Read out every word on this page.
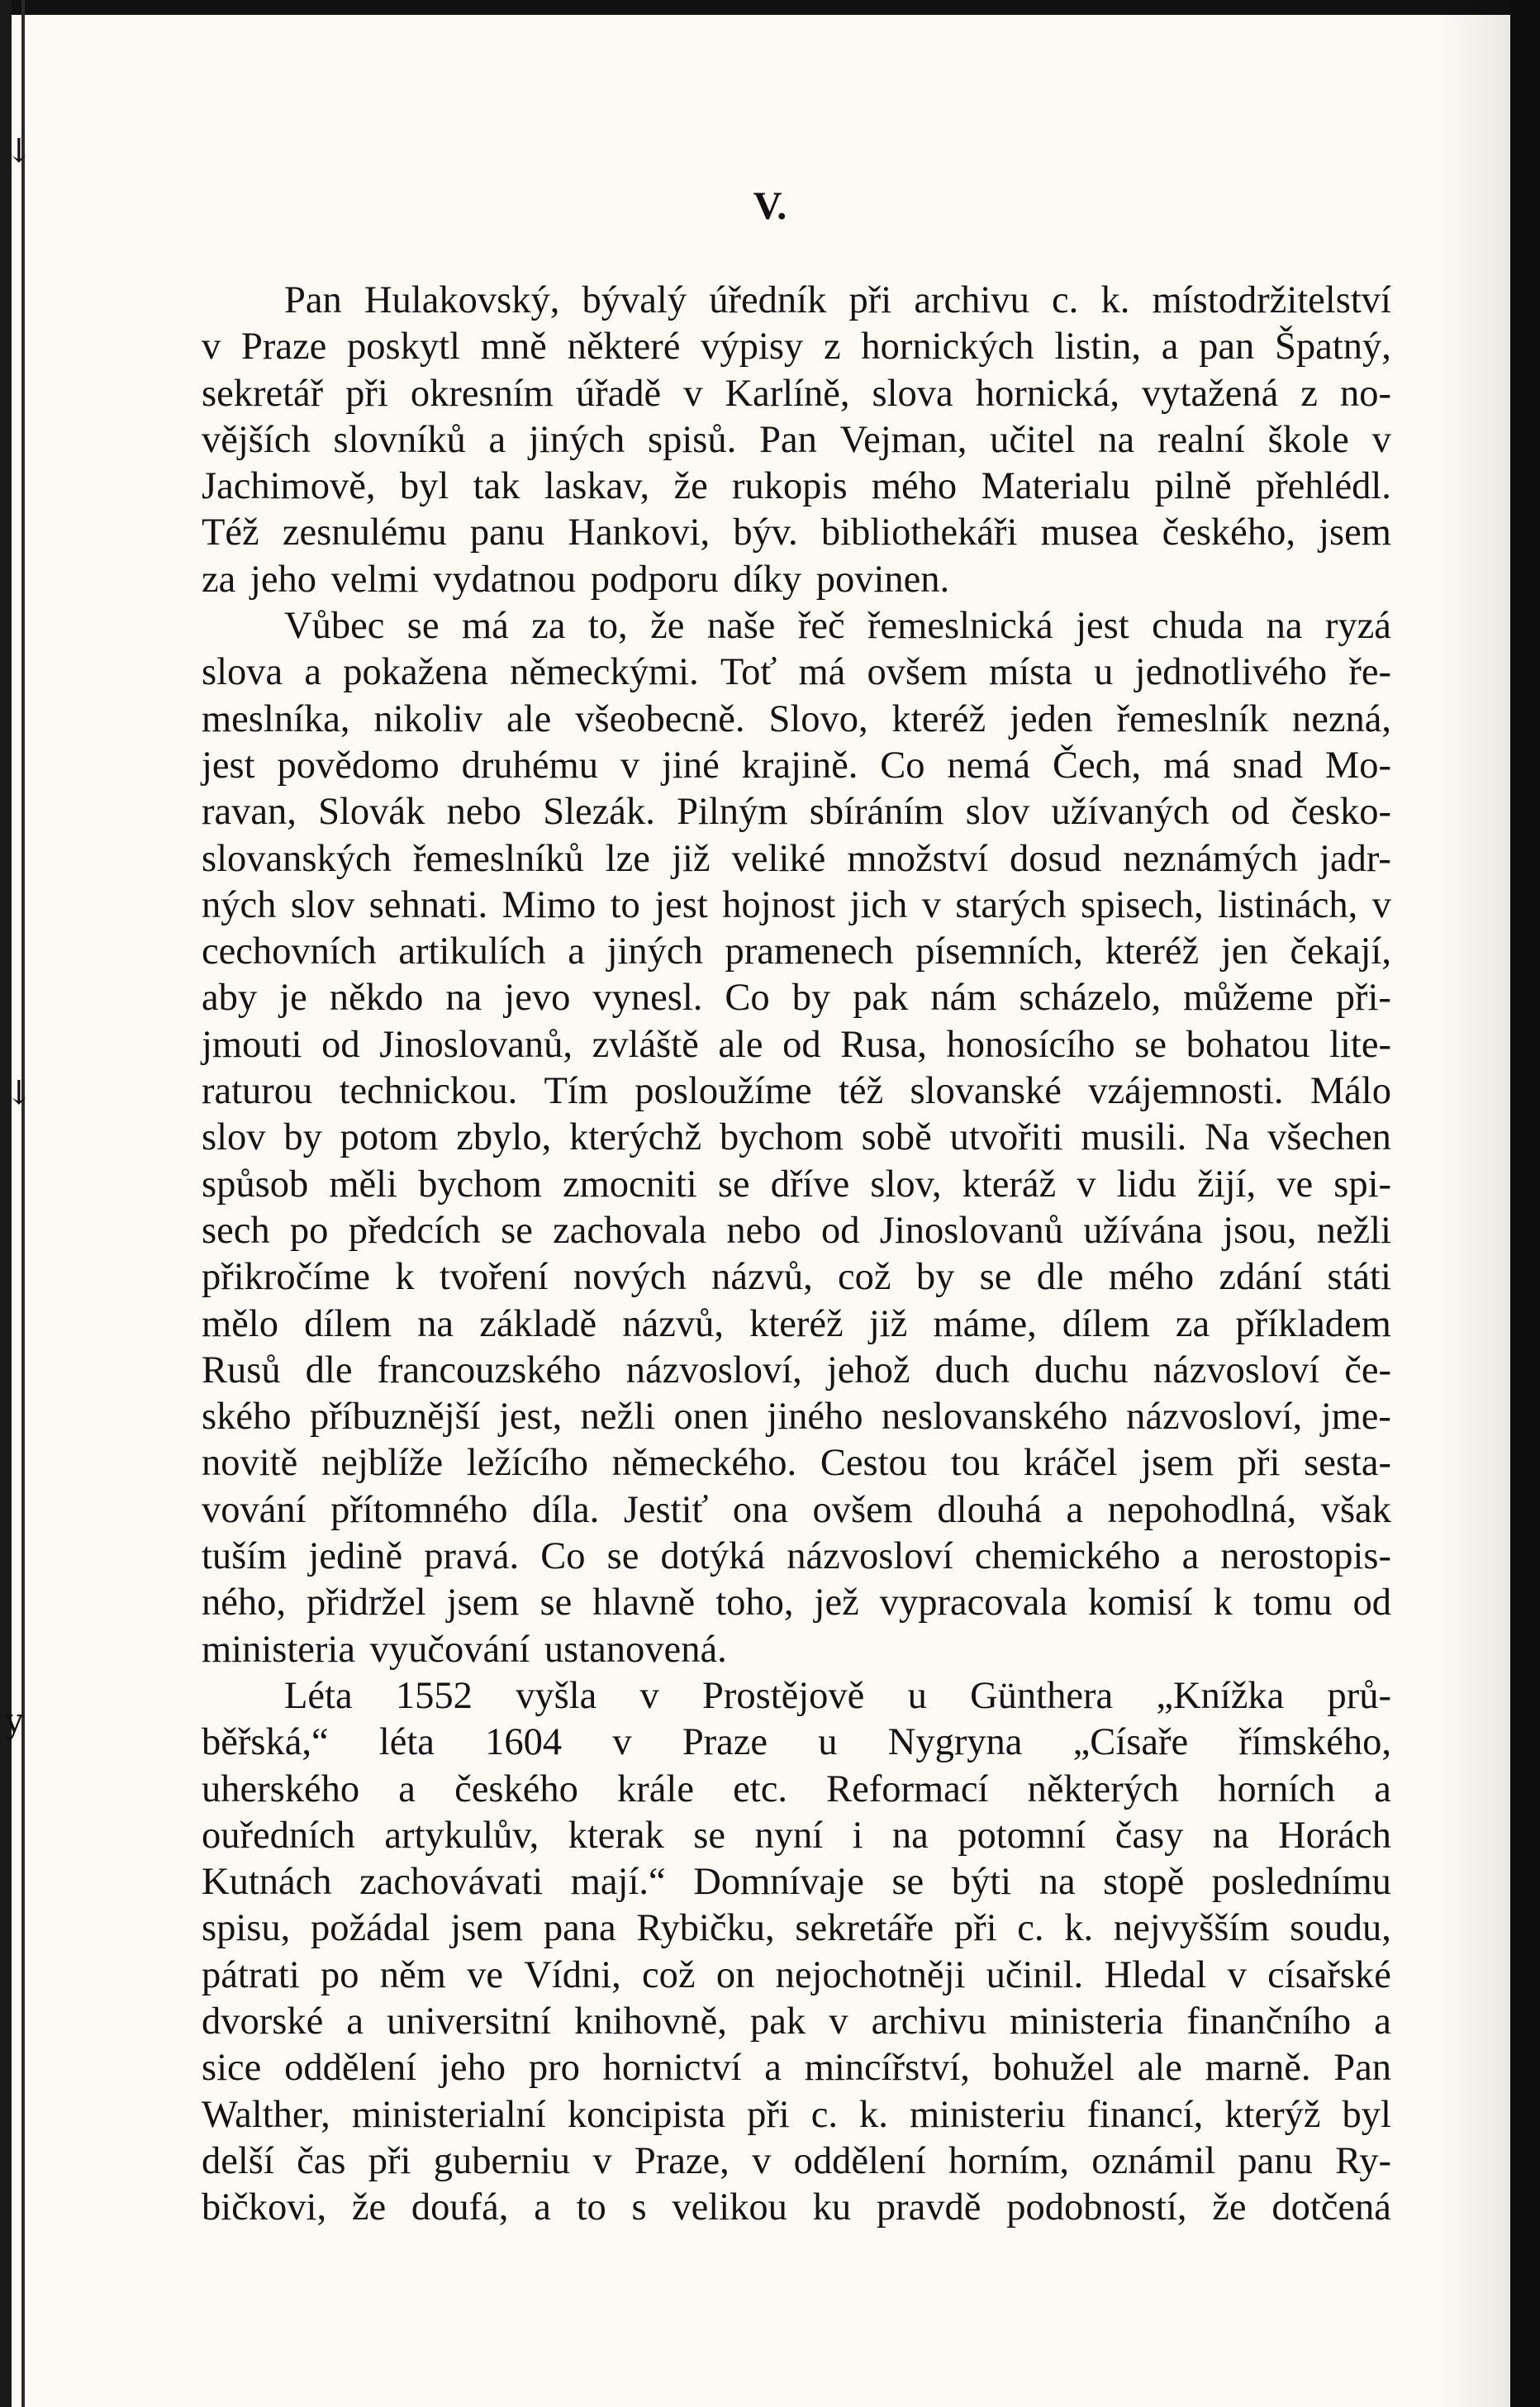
↓
↓
y
V.
Pan Hulakovský, bývalý úředník při archivu c. k. místodržitelství
v Praze poskytl mně některé výpisy z hornických listin, a pan Špatný,
sekretář při okresním úřadě v Karlíně, slova hornická, vytažená z no-
vějších slovníků a jiných spisů. Pan Vejman, učitel na realní škole v
Jachimově, byl tak laskav, že rukopis mého Materialu pilně přehlédl.
Též zesnulému panu Hankovi, býv. bibliothekáři musea českého, jsem
za jeho velmi vydatnou podporu díky povinen.
Vůbec se má za to, že naše řeč řemeslnická jest chuda na ryzá
slova a pokažena německými. Toť má ovšem místa u jednotlivého ře-
meslníka, nikoliv ale všeobecně. Slovo, kteréž jeden řemeslník nezná,
jest povědomo druhému v jiné krajině. Co nemá Čech, má snad Mo-
ravan, Slovák nebo Slezák. Pilným sbíráním slov užívaných od česko-
slovanských řemeslníků lze již veliké množství dosud neznámých jadr-
ných slov sehnati. Mimo to jest hojnost jich v starých spisech, listinách, v
cechovních artikulích a jiných pramenech písemních, kteréž jen čekají,
aby je někdo na jevo vynesl. Co by pak nám scházelo, můžeme při-
jmouti od Jinoslovanů, zvláště ale od Rusa, honosícího se bohatou lite-
raturou technickou. Tím posloužíme též slovanské vzájemnosti. Málo
slov by potom zbylo, kterýchž bychom sobě utvořiti musili. Na všechen
spůsob měli bychom zmocniti se dříve slov, kteráž v lidu žijí, ve spi-
sech po předcích se zachovala nebo od Jinoslovanů užívána jsou, nežli
přikročíme k tvoření nových názvů, což by se dle mého zdání státi
mělo dílem na základě názvů, kteréž již máme, dílem za příkladem
Rusů dle francouzského názvosloví, jehož duch duchu názvosloví če-
ského příbuznější jest, nežli onen jiného neslovanského názvosloví, jme-
novitě nejblíže ležícího německého. Cestou tou kráčel jsem při sesta-
vování přítomného díla. Jestiť ona ovšem dlouhá a nepohodlná, však
tuším jedině pravá. Co se dotýká názvosloví chemického a nerostopis-
ného, přidržel jsem se hlavně toho, jež vypracovala komisí k tomu od
ministeria vyučování ustanovená.
Léta 1552 vyšla v Prostějově u Günthera „Knížka prů-
běřská,“ léta 1604 v Praze u Nygryna „Císaře římského,
uherského a českého krále etc. Reformací některých horních a
ouředních artykulův, kterak se nyní i na potomní časy na Horách
Kutnách zachovávati mají.“ Domnívaje se býti na stopě poslednímu
spisu, požádal jsem pana Rybičku, sekretáře při c. k. nejvyšším soudu,
pátrati po něm ve Vídni, což on nejochotněji učinil. Hledal v císařské
dvorské a universitní knihovně, pak v archivu ministeria finančního a
sice oddělení jeho pro hornictví a mincířství, bohužel ale marně. Pan
Walther, ministerialní koncipista při c. k. ministeriu financí, kterýž byl
delší čas při guberniu v Praze, v oddělení horním, oznámil panu Ry-
bičkovi, že doufá, a to s velikou ku pravdě podobností, že dotčená
